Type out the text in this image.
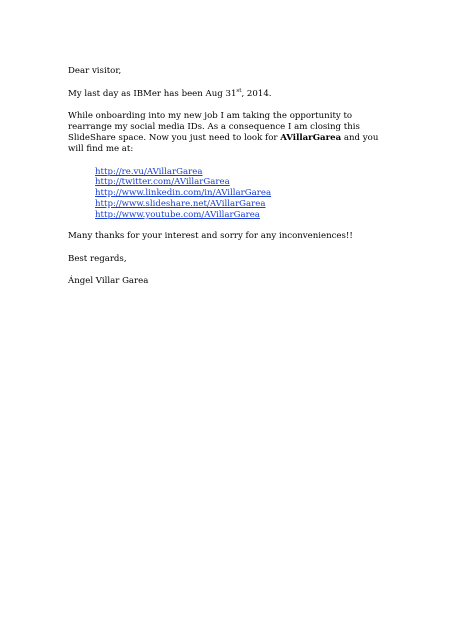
Dear visitor,

My last day as IBMer has been Aug 31st, 2014.

While onboarding into my new job I am taking the opportunity to rearrange my social media IDs. As a consequence I am closing this SlideShare space. Now you just need to look for AVillarGarea and you will find me at:

http://re.vu/AVillarGarea
http://twitter.com/AVillarGarea
http://www.linkedin.com/in/AVillarGarea
http://www.slideshare.net/AVillarGarea
http://www.youtube.com/AVillarGarea

Many thanks for your interest and sorry for any inconveniences!!

Best regards,

Ángel Villar Garea
